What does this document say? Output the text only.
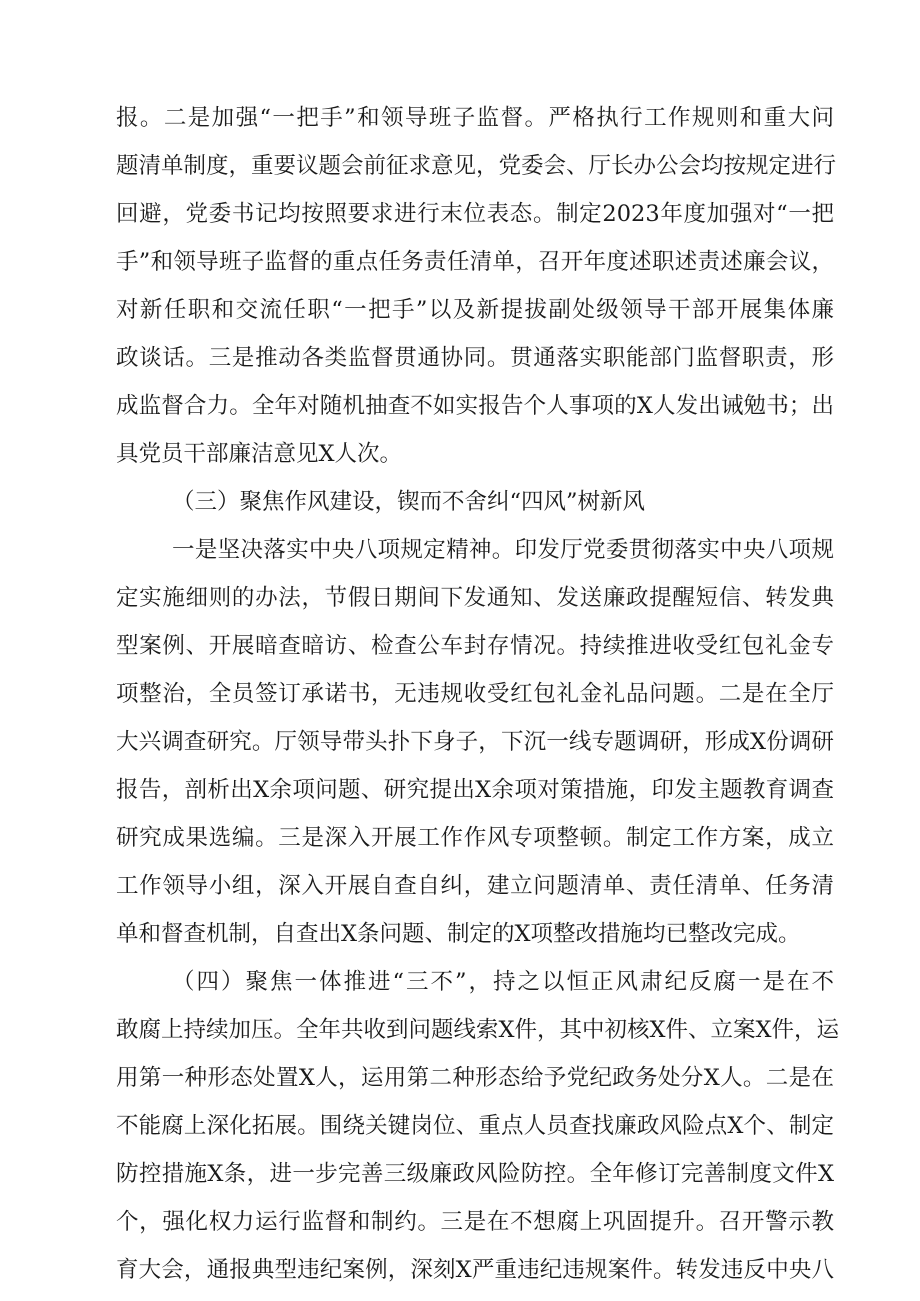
报。二是加强“一把手”和领导班子监督。严格执行工作规则和重大问
题清单制度，重要议题会前征求意见，党委会、厅长办公会均按规定进行
回避，党委书记均按照要求进行末位表态。制定2023年度加强对“一把
手”和领导班子监督的重点任务责任清单，召开年度述职述责述廉会议，
对新任职和交流任职“一把手”以及新提拔副处级领导干部开展集体廉
政谈话。三是推动各类监督贯通协同。贯通落实职能部门监督职责，形
成监督合力。全年对随机抽查不如实报告个人事项的X人发出诫勉书；出
具党员干部廉洁意见X人次。
（三）聚焦作风建设，锲而不舍纠“四风”树新风
一是坚决落实中央八项规定精神。印发厅党委贯彻落实中央八项规
定实施细则的办法，节假日期间下发通知、发送廉政提醒短信、转发典
型案例、开展暗查暗访、检查公车封存情况。持续推进收受红包礼金专
项整治，全员签订承诺书，无违规收受红包礼金礼品问题。二是在全厅
大兴调查研究。厅领导带头扑下身子，下沉一线专题调研，形成X份调研
报告，剖析出X余项问题、研究提出X余项对策措施，印发主题教育调查
研究成果选编。三是深入开展工作作风专项整顿。制定工作方案，成立
工作领导小组，深入开展自查自纠，建立问题清单、责任清单、任务清
单和督查机制，自查出X条问题、制定的X项整改措施均已整改完成。
（四）聚焦一体推进“三不”，持之以恒正风肃纪反腐一是在不
敢腐上持续加压。全年共收到问题线索X件，其中初核X件、立案X件，运
用第一种形态处置X人，运用第二种形态给予党纪政务处分X人。二是在
不能腐上深化拓展。围绕关键岗位、重点人员查找廉政风险点X个、制定
防控措施X条，进一步完善三级廉政风险防控。全年修订完善制度文件X
个，强化权力运行监督和制约。三是在不想腐上巩固提升。召开警示教
育大会，通报典型违纪案例，深刻X严重违纪违规案件。转发违反中央八
